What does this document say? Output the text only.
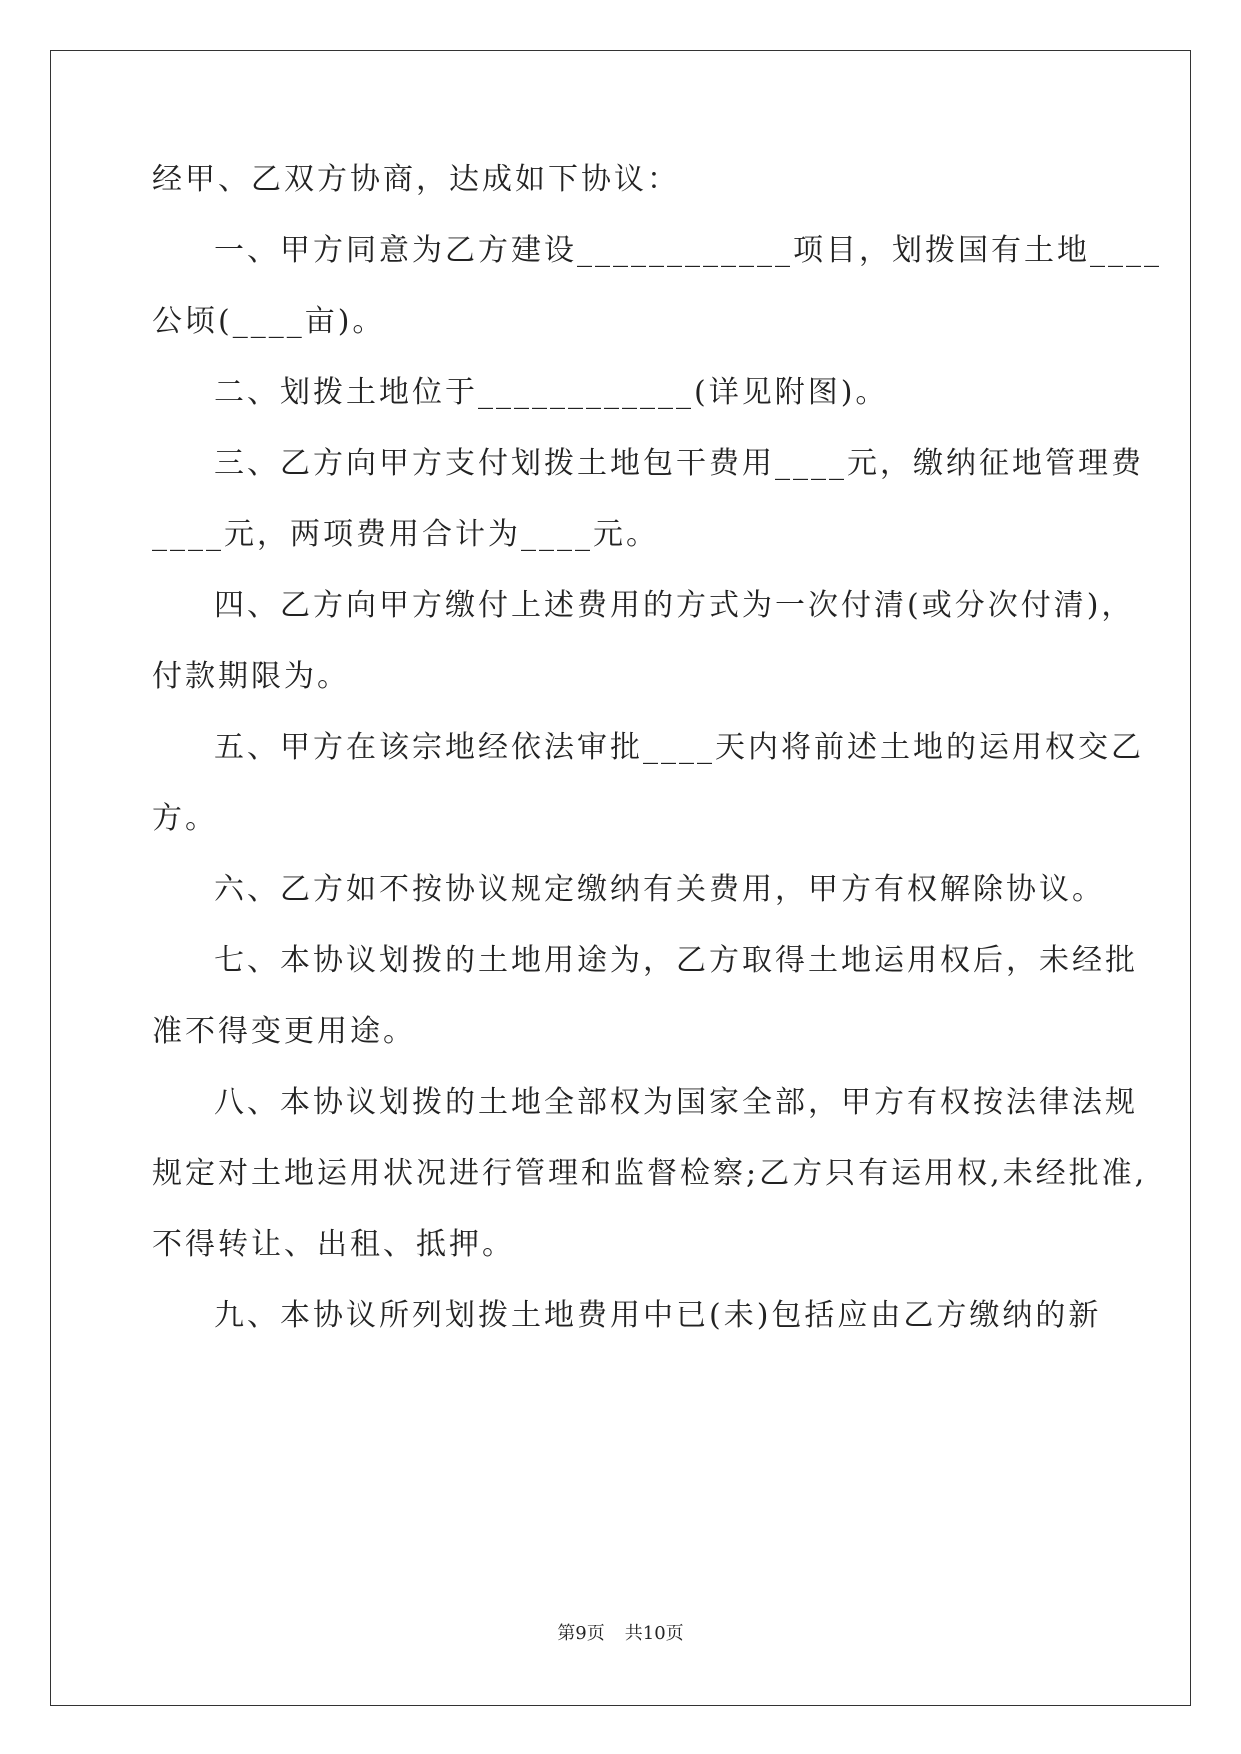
经甲、乙双方协商，达成如下协议：
一、甲方同意为乙方建设____________项目，划拨国有土地____
公顷(____亩)。
二、划拨土地位于____________(详见附图)。
三、乙方向甲方支付划拨土地包干费用____元，缴纳征地管理费
____元，两项费用合计为____元。
四、乙方向甲方缴付上述费用的方式为一次付清(或分次付清)，
付款期限为。
五、甲方在该宗地经依法审批____天内将前述土地的运用权交乙
方。
六、乙方如不按协议规定缴纳有关费用，甲方有权解除协议。
七、本协议划拨的土地用途为，乙方取得土地运用权后，未经批
准不得变更用途。
八、本协议划拨的土地全部权为国家全部，甲方有权按法律法规
规定对土地运用状况进行管理和监督检察;乙方只有运用权,未经批准,
不得转让、出租、抵押。
九、本协议所列划拨土地费用中已(未)包括应由乙方缴纳的新
第9页 共10页
